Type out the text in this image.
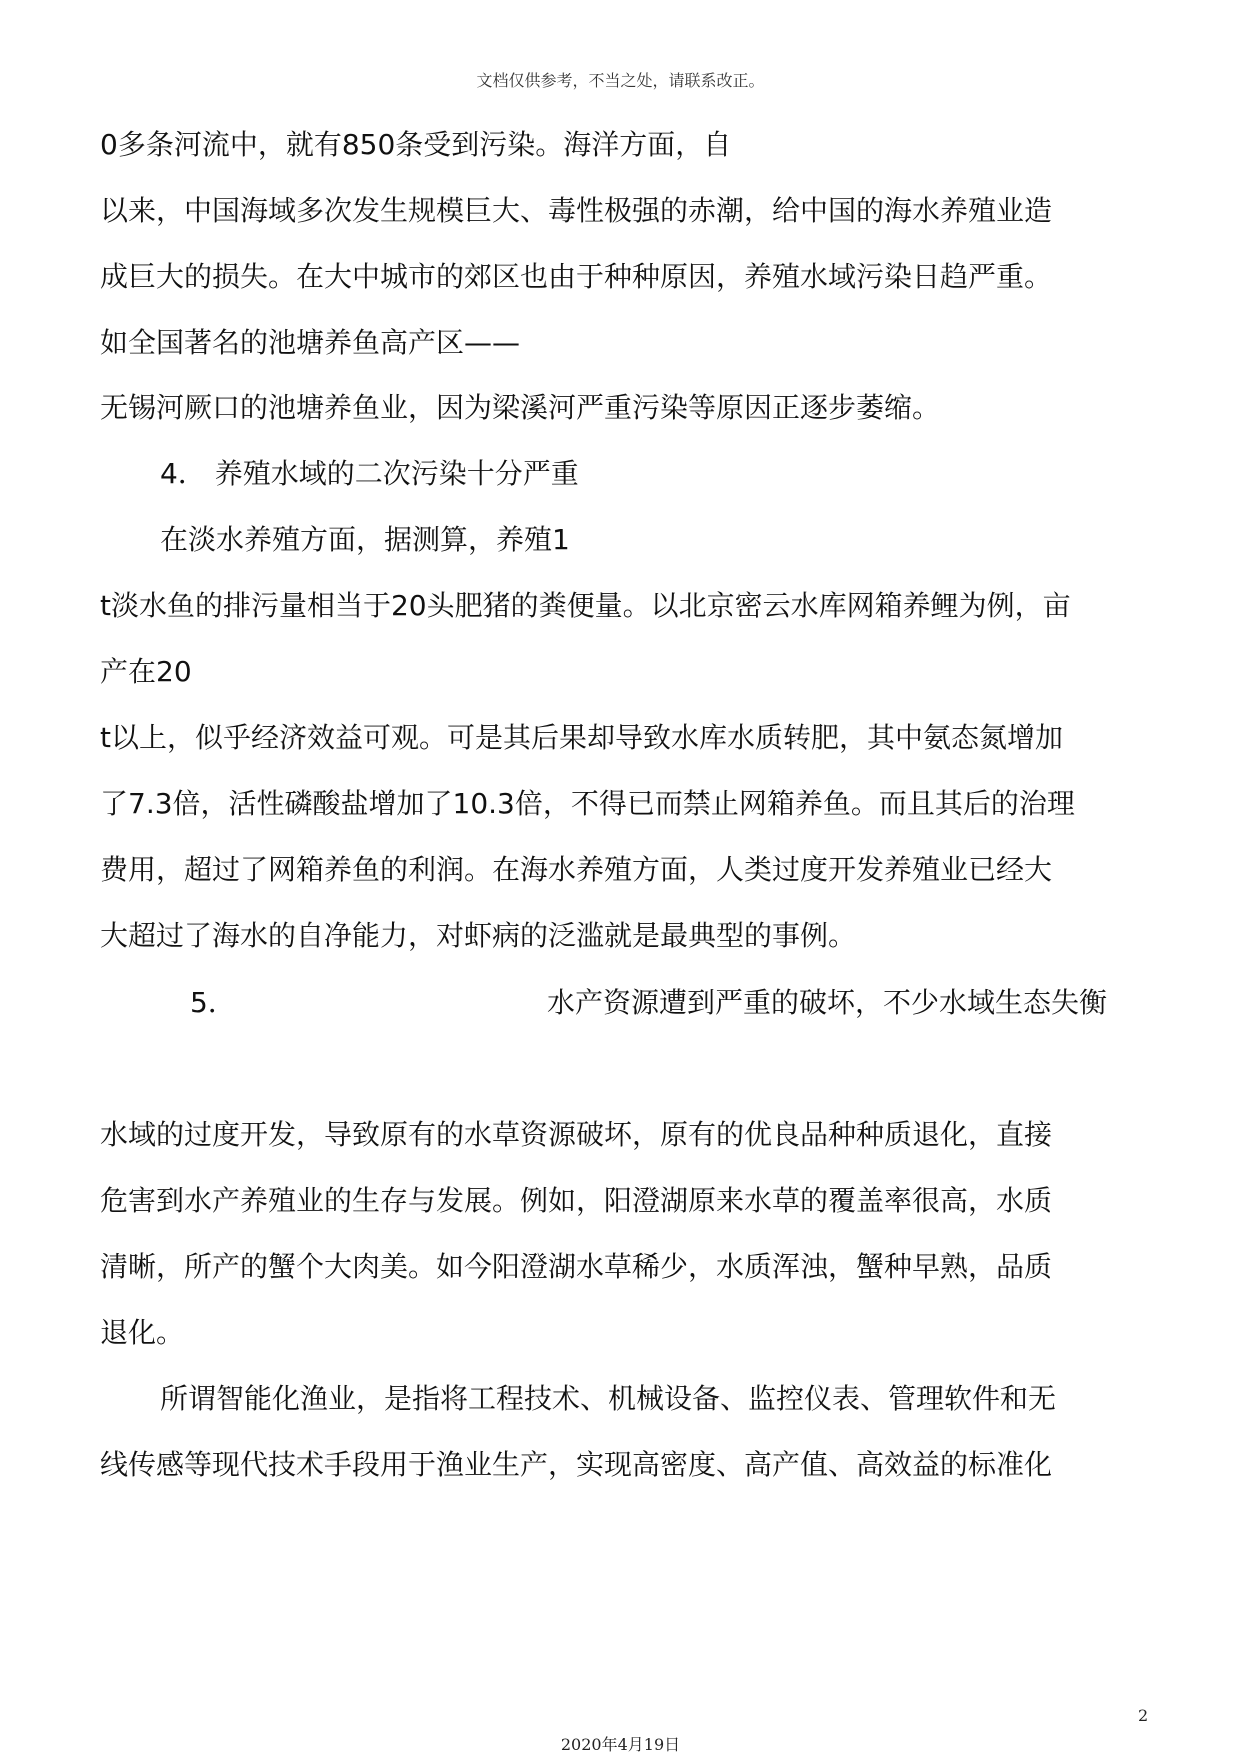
文档仅供参考，不当之处，请联系改正。
0多条河流中，就有850条受到污染。海洋方面，自
以来，中国海域多次发生规模巨大、毒性极强的赤潮，给中国的海水养殖业造
成巨大的损失。在大中城市的郊区也由于种种原因，养殖水域污染日趋严重。
如全国著名的池塘养鱼高产区——
无锡河厥口的池塘养鱼业，因为梁溪河严重污染等原因正逐步萎缩。
4． 养殖水域的二次污染十分严重
在淡水养殖方面，据测算，养殖1
t淡水鱼的排污量相当于20头肥猪的粪便量。以北京密云水库网箱养鲤为例，亩
产在20
t以上，似乎经济效益可观。可是其后果却导致水库水质转肥，其中氨态氮增加
了7.3倍，活性磷酸盐增加了10.3倍，不得已而禁止网箱养鱼。而且其后的治理
费用，超过了网箱养鱼的利润。在海水养殖方面，人类过度开发养殖业已经大
大超过了海水的自净能力，对虾病的泛滥就是最典型的事例。
5．	水产资源遭到严重的破坏，不少水域生态失衡
水域的过度开发，导致原有的水草资源破坏，原有的优良品种种质退化，直接
危害到水产养殖业的生存与发展。例如，阳澄湖原来水草的覆盖率很高，水质
清晰，所产的蟹个大肉美。如今阳澄湖水草稀少，水质浑浊，蟹种早熟，品质
退化。
所谓智能化渔业，是指将工程技术、机械设备、监控仪表、管理软件和无
线传感等现代技术手段用于渔业生产，实现高密度、高产值、高效益的标准化
2
2020年4月19日
